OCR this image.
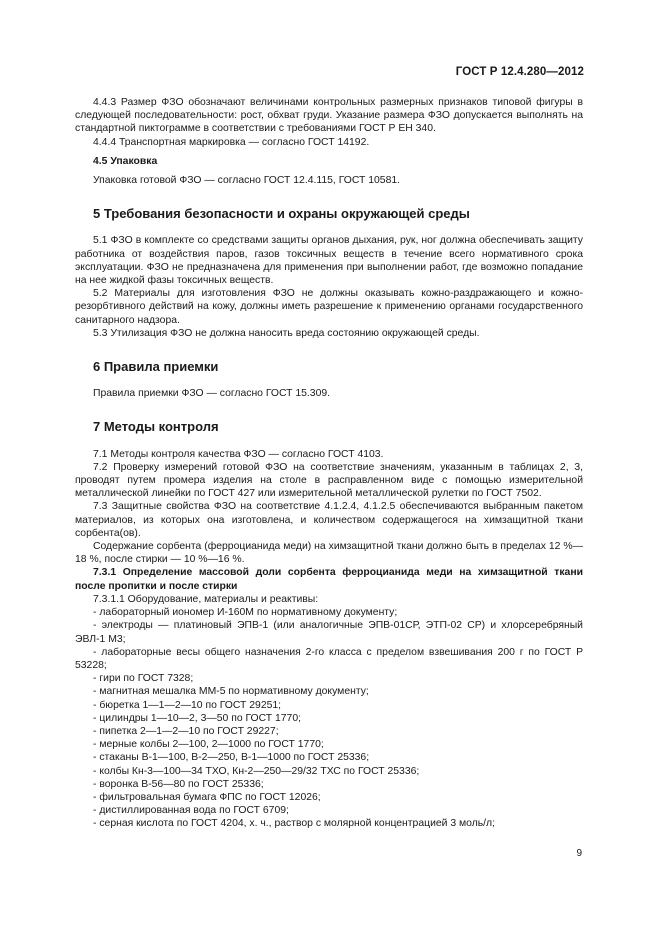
ГОСТ Р 12.4.280—2012

4.4.3 Размер ФЗО обозначают величинами контрольных размерных признаков типовой фигуры в следующей последовательности: рост, обхват груди. Указание размера ФЗО допускается выполнять на стандартной пиктограмме в соответствии с требованиями ГОСТ Р ЕН 340.

4.4.4 Транспортная маркировка — согласно ГОСТ 14192.

4.5 Упаковка

Упаковка готовой ФЗО — согласно ГОСТ 12.4.115, ГОСТ 10581.

5 Требования безопасности и охраны окружающей среды

5.1 ФЗО в комплекте со средствами защиты органов дыхания, рук, ног должна обеспечивать защиту работника от воздействия паров, газов токсичных веществ в течение всего нормативного срока эксплуатации. ФЗО не предназначена для применения при выполнении работ, где возможно попадание на нее жидкой фазы токсичных веществ.

5.2 Материалы для изготовления ФЗО не должны оказывать кожно-раздражающего и кожно-резорбтивного действий на кожу, должны иметь разрешение к применению органами государственного санитарного надзора.

5.3 Утилизация ФЗО не должна наносить вреда состоянию окружающей среды.

6 Правила приемки

Правила приемки ФЗО — согласно ГОСТ 15.309.

7 Методы контроля

7.1 Методы контроля качества ФЗО — согласно ГОСТ 4103.

7.2 Проверку измерений готовой ФЗО на соответствие значениям, указанным в таблицах 2, 3, проводят путем промера изделия на столе в расправленном виде с помощью измерительной металлической линейки по ГОСТ 427 или измерительной металлической рулетки по ГОСТ 7502.

7.3 Защитные свойства ФЗО на соответствие 4.1.2.4, 4.1.2.5 обеспечиваются выбранным пакетом материалов, из которых она изготовлена, и количеством содержащегося на химзащитной ткани сорбента(ов).

Содержание сорбента (ферроцианида меди) на химзащитной ткани должно быть в пределах 12 %—18 %, после стирки — 10 %—16 %.

7.3.1 Определение массовой доли сорбента ферроцианида меди на химзащитной ткани после пропитки и после стирки

7.3.1.1 Оборудование, материалы и реактивы:

- лабораторный иономер И-160М по нормативному документу;

- электроды — платиновый ЭПВ-1 (или аналогичные ЭПВ-01СР, ЭТП-02 СР) и хлорсеребряный ЭВЛ-1 М3;

- лабораторные весы общего назначения 2-го класса с пределом взвешивания 200 г по ГОСТ Р 53228;

- гири по ГОСТ 7328;

- магнитная мешалка ММ-5 по нормативному документу;

- бюретка 1—1—2—10 по ГОСТ 29251;

- цилиндры 1—10—2, 3—50 по ГОСТ 1770;

- пипетка 2—1—2—10 по ГОСТ 29227;

- мерные колбы 2—100, 2—1000 по ГОСТ 1770;

- стаканы В-1—100, В-2—250, В-1—1000 по ГОСТ 25336;

- колбы Кн-3—100—34 ТХО, Кн-2—250—29/32 ТХС по ГОСТ 25336;

- воронка В-56—80 по ГОСТ 25336;

- фильтровальная бумага ФПС по ГОСТ 12026;

- дистиллированная вода по ГОСТ 6709;

- серная кислота по ГОСТ 4204, х. ч., раствор с молярной концентрацией 3 моль/л;

9
